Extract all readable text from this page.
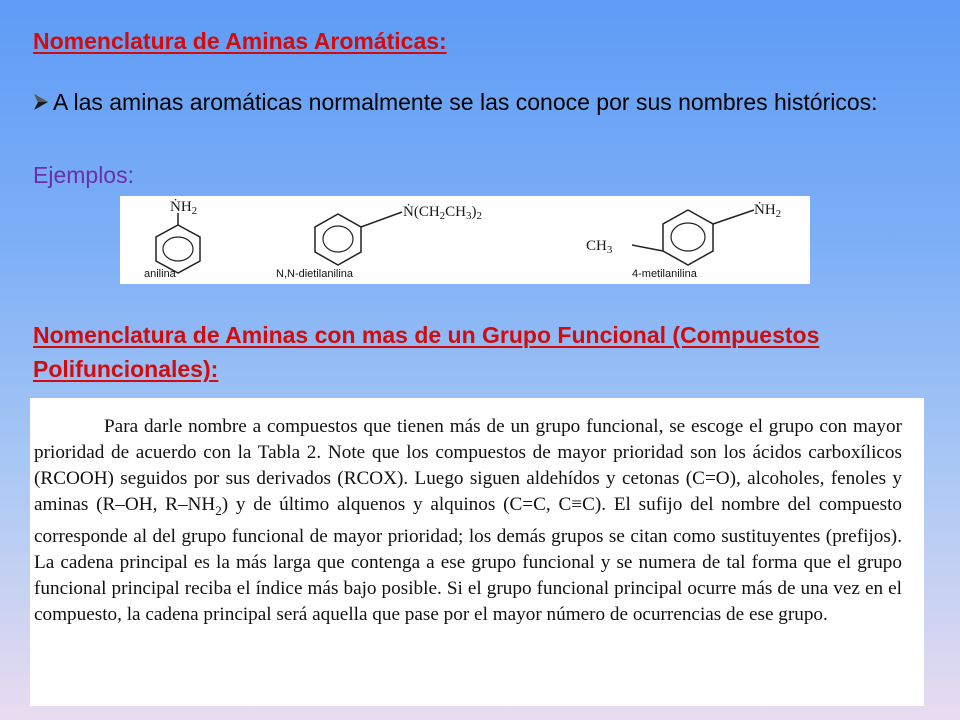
Nomenclatura de Aminas Aromáticas:

A las aminas aromáticas normalmente se las conoce por sus nombres históricos:

Ejemplos:
$ṄH_2$
anilina
$Ṅ(CH_2CH_3)_2$
N,N-dietilanilina
$ṄH_2$
$CH_3$
4-metilanilina
Nomenclatura de Aminas con mas de un Grupo Funcional (Compuestos Polifuncionales):

Para darle nombre a compuestos que tienen más de un grupo funcional, se escoge el grupo con mayor prioridad de acuerdo con la Tabla 2. Note que los compuestos de mayor prioridad son los ácidos carboxílicos (RCOOH) seguidos por sus derivados (RCOX). Luego siguen aldehídos y cetonas (C=O), alcoholes, fenoles y aminas (R–OH, $R-NH_2$) y de último alquenos y alquinos (C=C, C≡C). El sufijo del nombre del compuesto corresponde al del grupo funcional de mayor prioridad; los demás grupos se citan como sustituyentes (prefijos). La cadena principal es la más larga que contenga a ese grupo funcional y se numera de tal forma que el grupo funcional principal reciba el índice más bajo posible. Si el grupo funcional principal ocurre más de una vez en el compuesto, la cadena principal será aquella que pase por el mayor número de ocurrencias de ese grupo.
